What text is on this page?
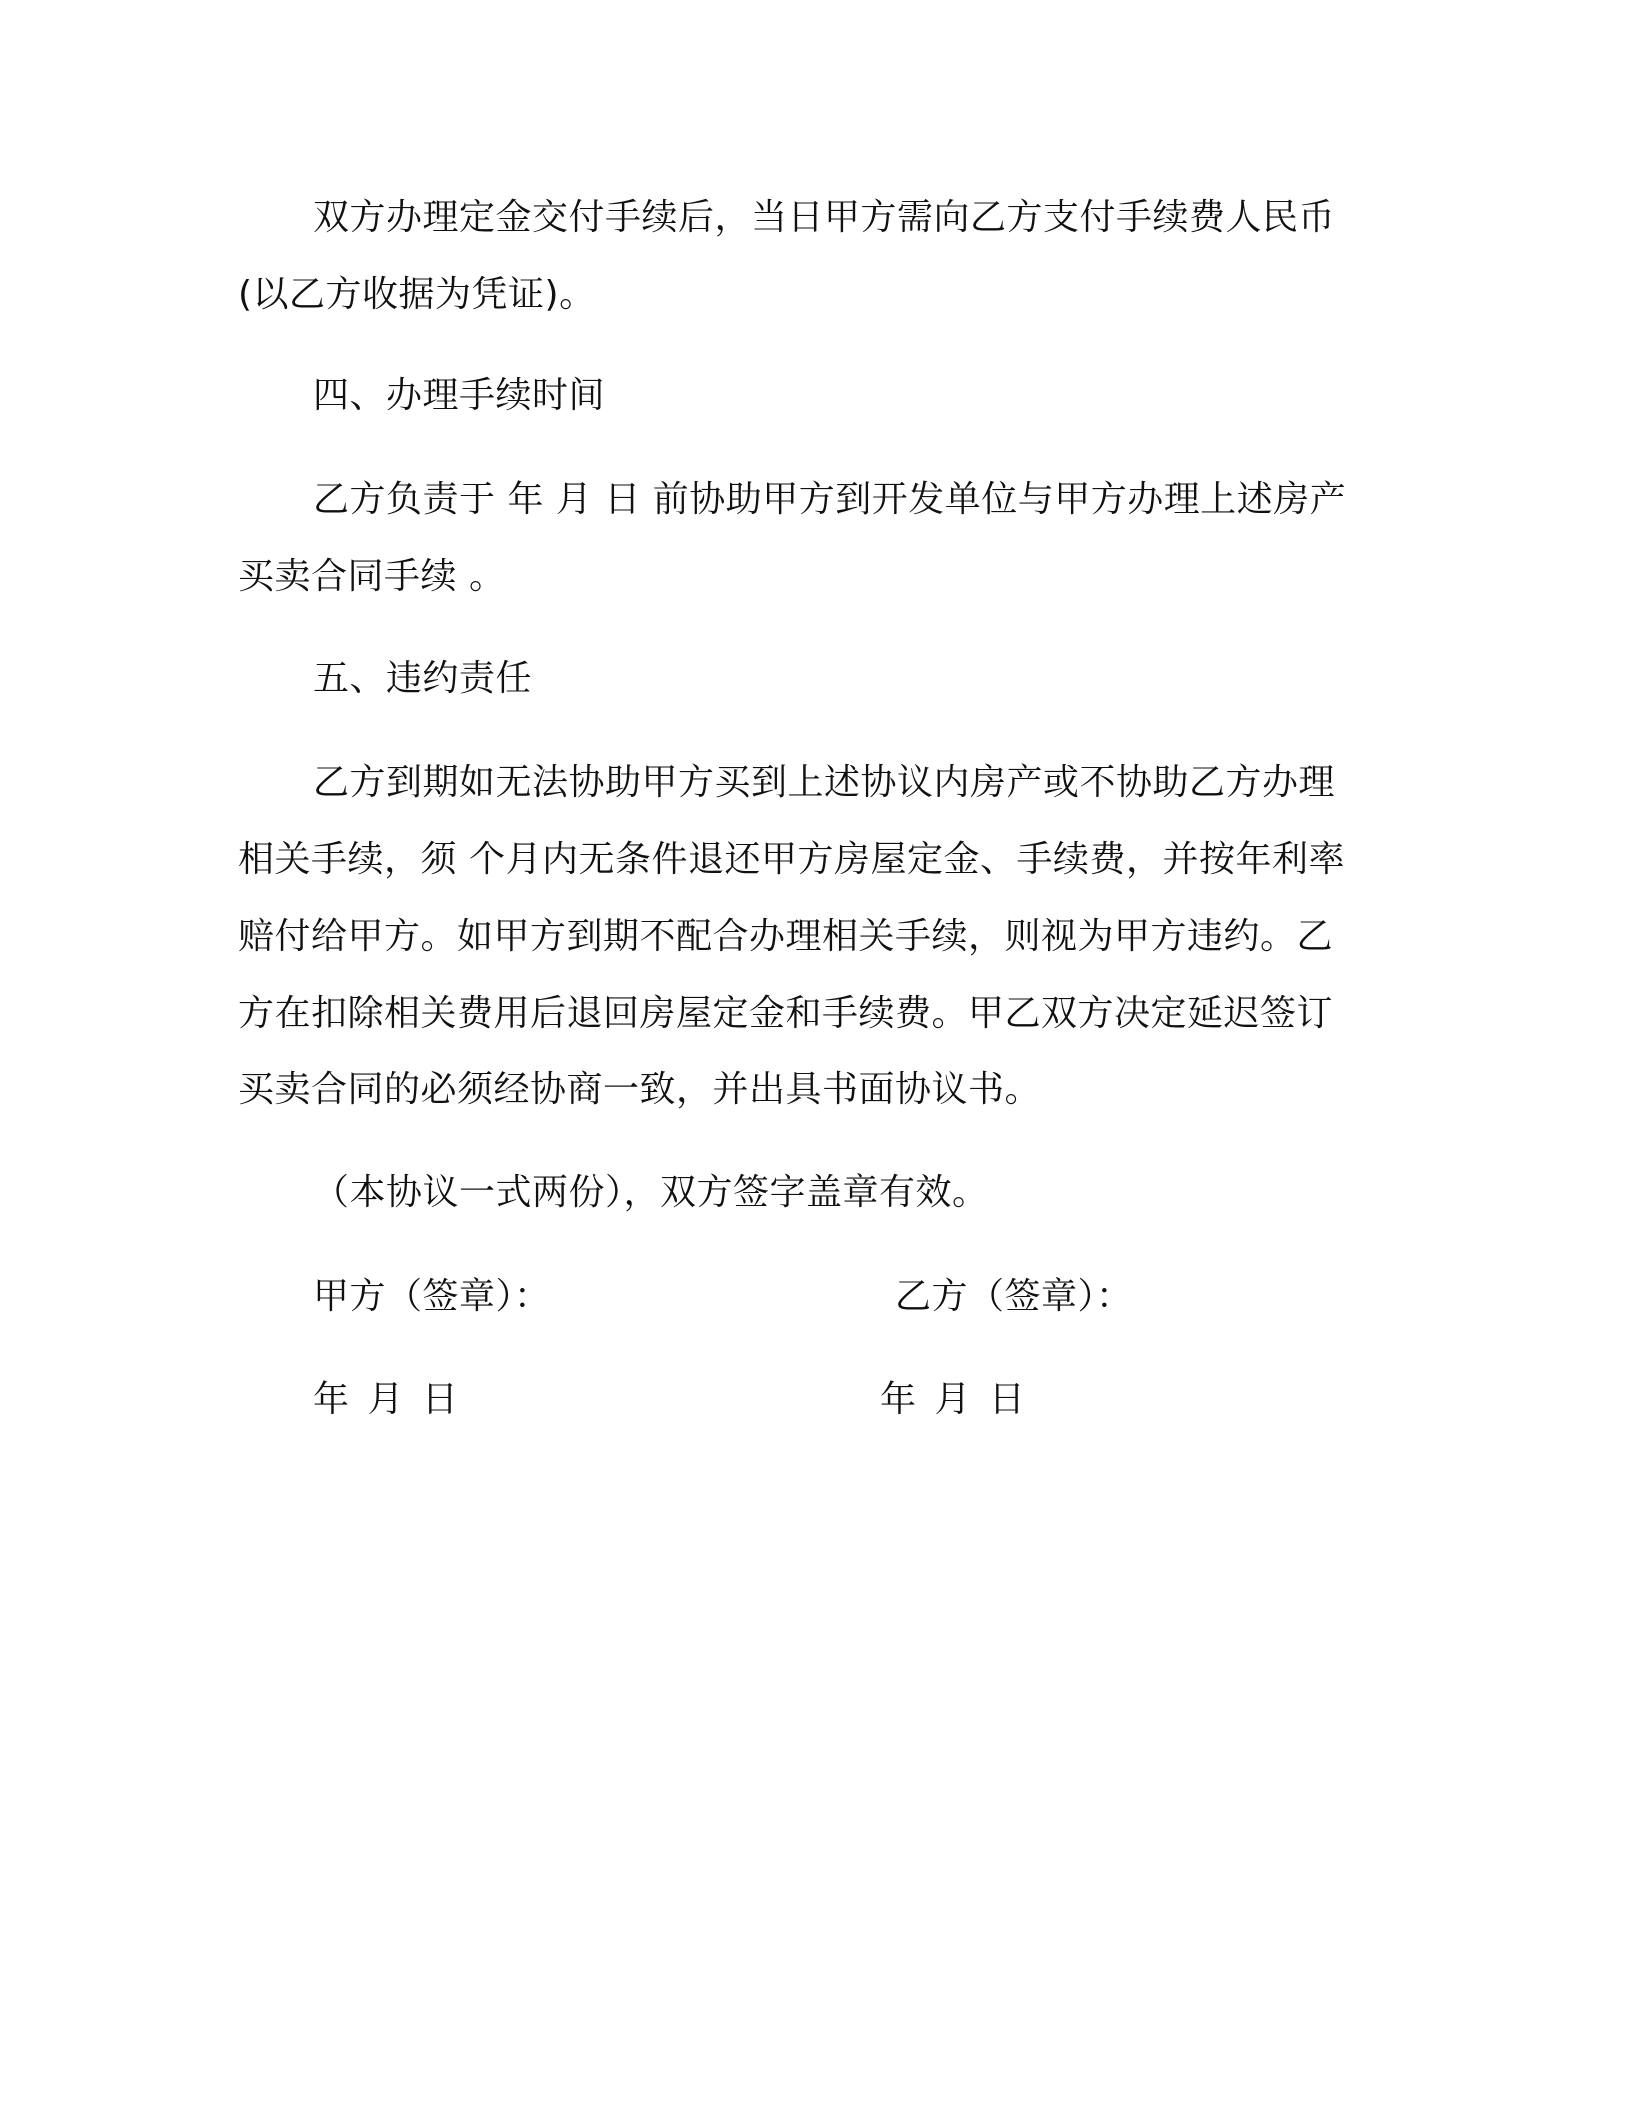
双方办理定金交付手续后，当日甲方需向乙方支付手续费人民币

(以乙方收据为凭证)。

四、办理手续时间

乙方负责于 年 月 日 前协助甲方到开发单位与甲方办理上述房产

买卖合同手续 。

五、违约责任

乙方到期如无法协助甲方买到上述协议内房产或不协助乙方办理

相关手续，须 个月内无条件退还甲方房屋定金、手续费，并按年利率

赔付给甲方。如甲方到期不配合办理相关手续，则视为甲方违约。乙

方在扣除相关费用后退回房屋定金和手续费。甲乙双方决定延迟签订

买卖合同的必须经协商一致，并出具书面协议书。

（本协议一式两份），双方签字盖章有效。

甲方（签章）：	乙方（签章）：

年 月 日	年 月 日
